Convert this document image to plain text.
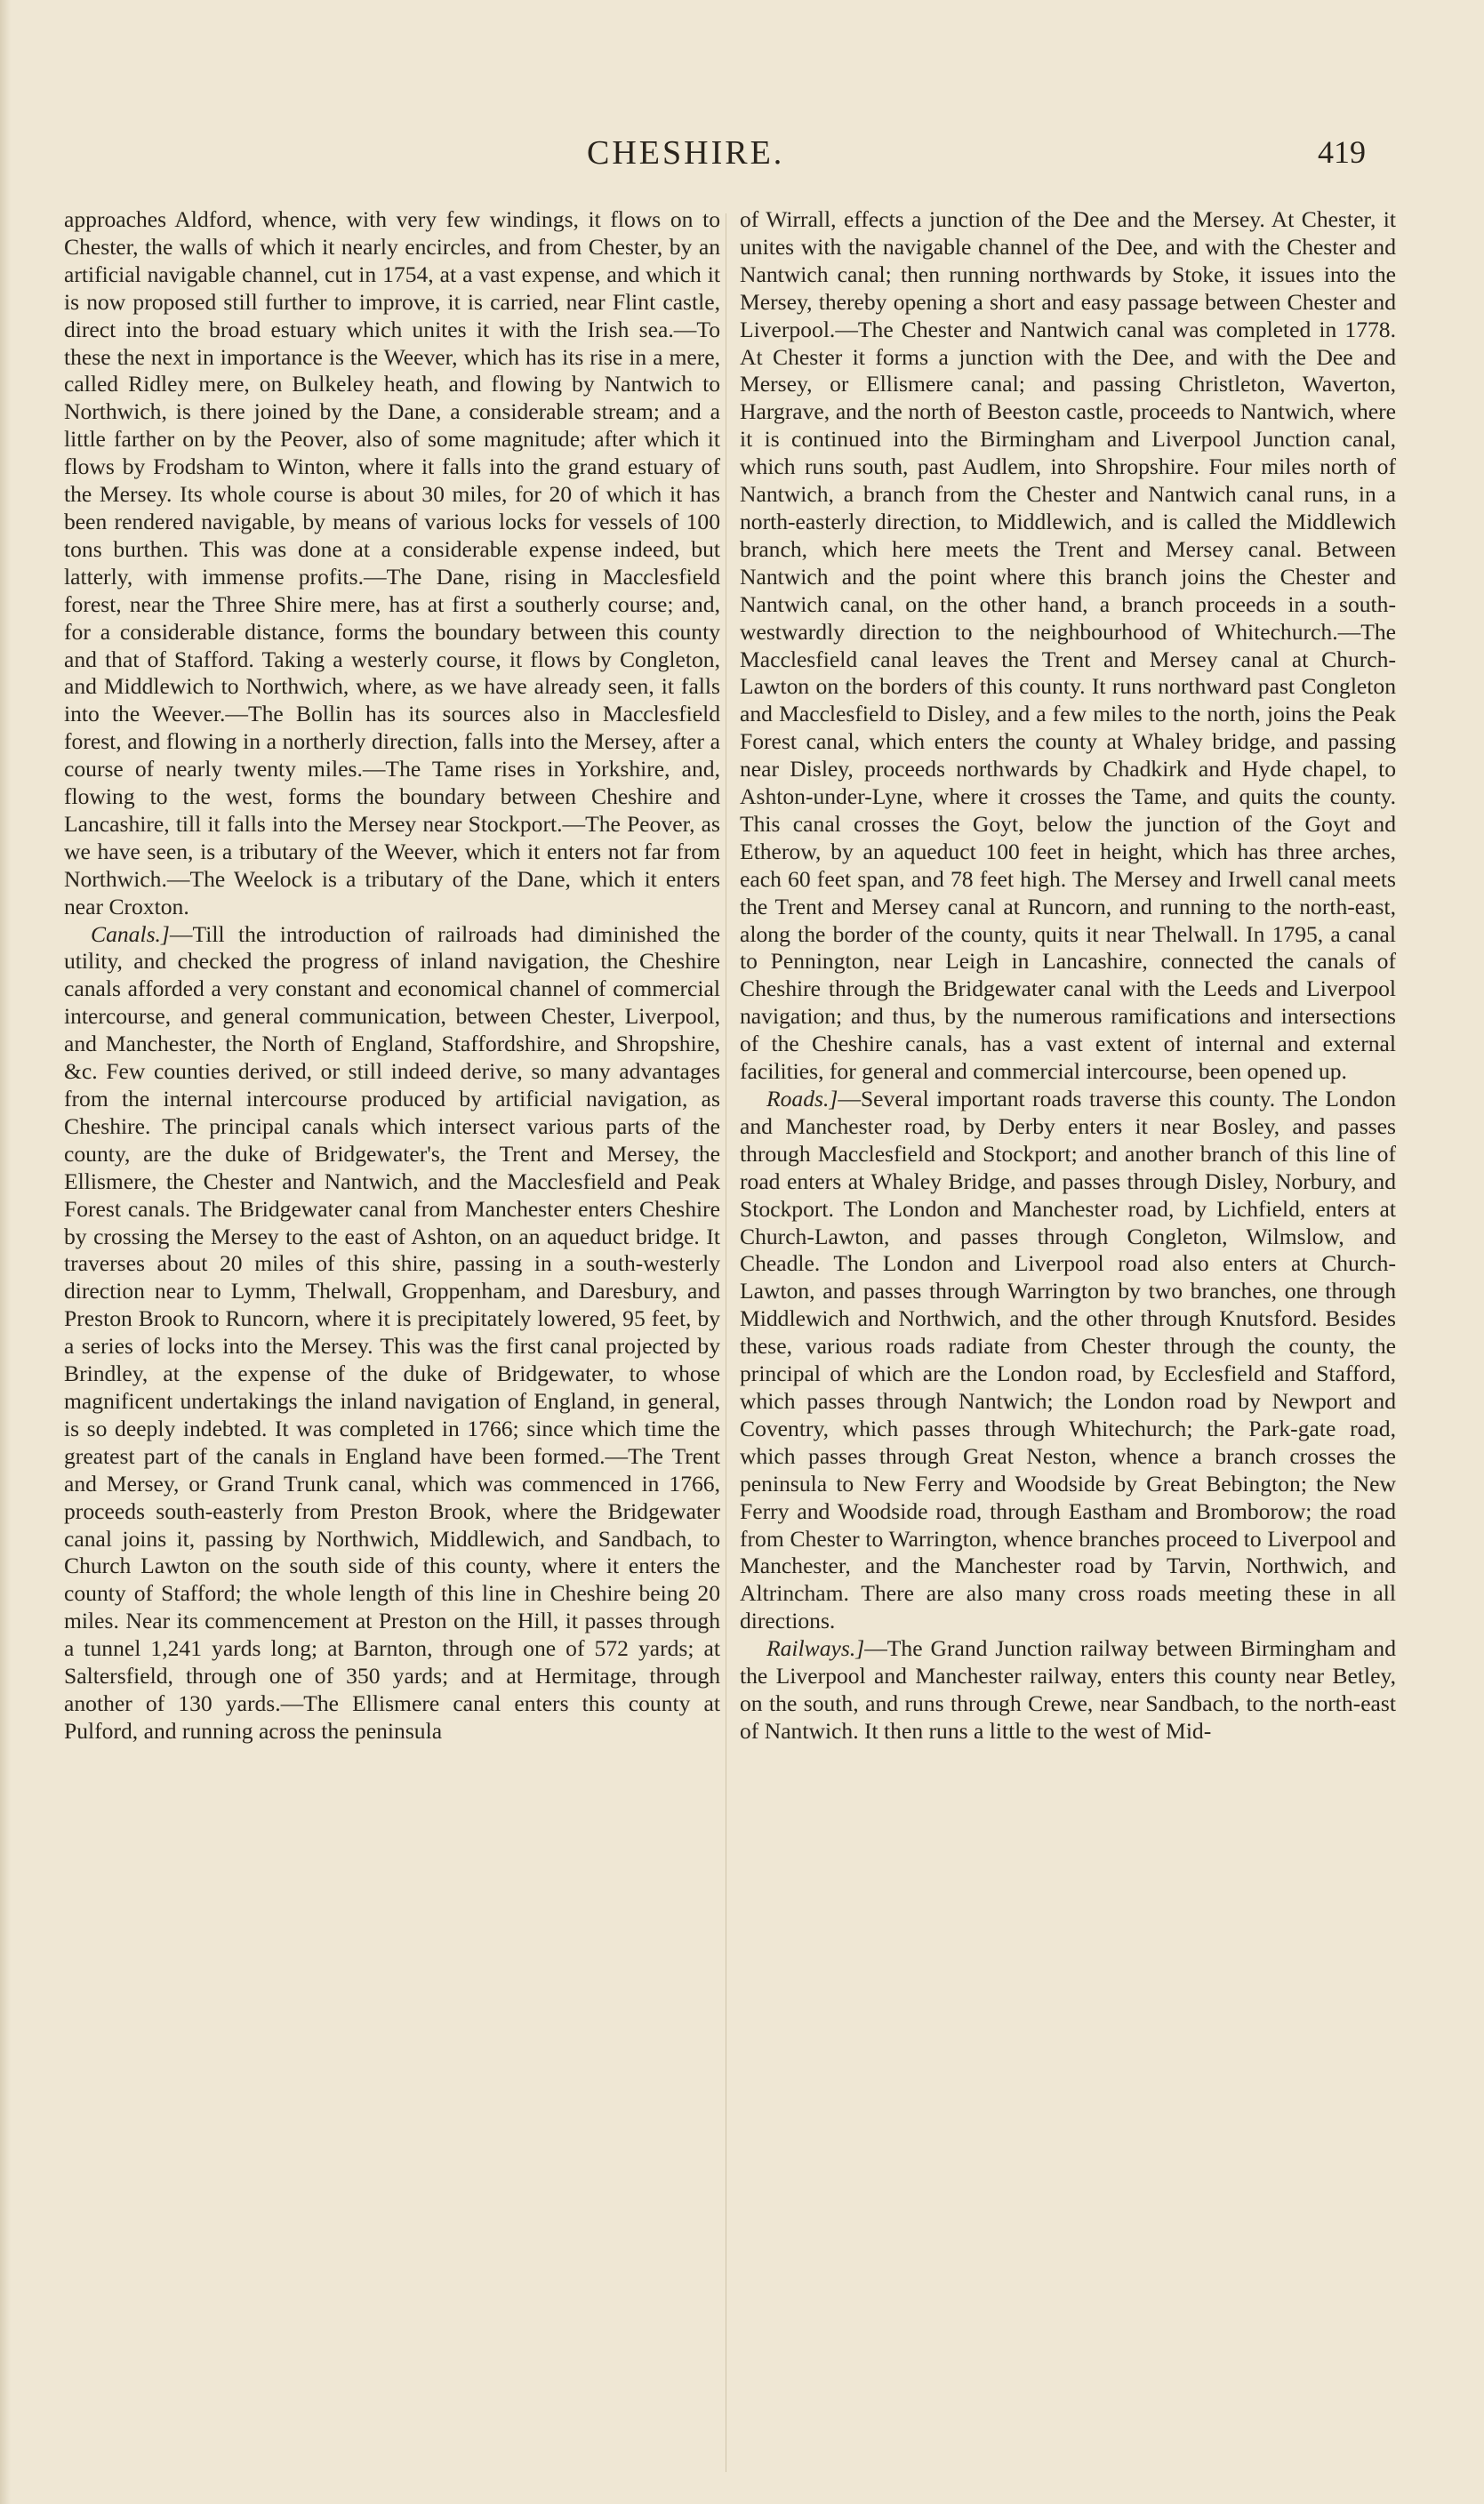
CHESHIRE.	419

approaches Aldford, whence, with very few windings, it flows on to Chester, the walls of which it nearly encircles, and from Chester, by an artificial navigable channel, cut in 1754, at a vast expense, and which it is now proposed still further to improve, it is carried, near Flint castle, direct into the broad estuary which unites it with the Irish sea.—To these the next in importance is the Weever, which has its rise in a mere, called Ridley mere, on Bulkeley heath, and flowing by Nantwich to Northwich, is there joined by the Dane, a considerable stream; and a little farther on by the Peover, also of some magnitude; after which it flows by Frodsham to Winton, where it falls into the grand estuary of the Mersey. Its whole course is about 30 miles, for 20 of which it has been rendered navigable, by means of various locks for vessels of 100 tons burthen. This was done at a considerable expense indeed, but latterly, with immense profits.—The Dane, rising in Macclesfield forest, near the Three Shire mere, has at first a southerly course; and, for a considerable distance, forms the boundary between this county and that of Stafford. Taking a westerly course, it flows by Congleton, and Middlewich to Northwich, where, as we have already seen, it falls into the Weever.—The Bollin has its sources also in Macclesfield forest, and flowing in a northerly direction, falls into the Mersey, after a course of nearly twenty miles.—The Tame rises in Yorkshire, and, flowing to the west, forms the boundary between Cheshire and Lancashire, till it falls into the Mersey near Stockport.—The Peover, as we have seen, is a tributary of the Weever, which it enters not far from Northwich.—The Weelock is a tributary of the Dane, which it enters near Croxton.

Canals.]—Till the introduction of railroads had diminished the utility, and checked the progress of inland navigation, the Cheshire canals afforded a very constant and economical channel of commercial intercourse, and general communication, between Chester, Liverpool, and Manchester, the North of England, Staffordshire, and Shropshire, &c. Few counties derived, or still indeed derive, so many advantages from the internal intercourse produced by artificial navigation, as Cheshire. The principal canals which intersect various parts of the county, are the duke of Bridgewater's, the Trent and Mersey, the Ellismere, the Chester and Nantwich, and the Macclesfield and Peak Forest canals. The Bridgewater canal from Manchester enters Cheshire by crossing the Mersey to the east of Ashton, on an aqueduct bridge. It traverses about 20 miles of this shire, passing in a south-westerly direction near to Lymm, Thelwall, Groppenham, and Daresbury, and Preston Brook to Runcorn, where it is precipitately lowered, 95 feet, by a series of locks into the Mersey. This was the first canal projected by Brindley, at the expense of the duke of Bridgewater, to whose magnificent undertakings the inland navigation of England, in general, is so deeply indebted. It was completed in 1766; since which time the greatest part of the canals in England have been formed.—The Trent and Mersey, or Grand Trunk canal, which was commenced in 1766, proceeds south-easterly from Preston Brook, where the Bridgewater canal joins it, passing by Northwich, Middlewich, and Sandbach, to Church Lawton on the south side of this county, where it enters the county of Stafford; the whole length of this line in Cheshire being 20 miles. Near its commencement at Preston on the Hill, it passes through a tunnel 1,241 yards long; at Barnton, through one of 572 yards; at Saltersfield, through one of 350 yards; and at Hermitage, through another of 130 yards.—The Ellismere canal enters this county at Pulford, and running across the peninsula

of Wirrall, effects a junction of the Dee and the Mersey. At Chester, it unites with the navigable channel of the Dee, and with the Chester and Nantwich canal; then running northwards by Stoke, it issues into the Mersey, thereby opening a short and easy passage between Chester and Liverpool.—The Chester and Nantwich canal was completed in 1778. At Chester it forms a junction with the Dee, and with the Dee and Mersey, or Ellismere canal; and passing Christleton, Waverton, Hargrave, and the north of Beeston castle, proceeds to Nantwich, where it is continued into the Birmingham and Liverpool Junction canal, which runs south, past Audlem, into Shropshire. Four miles north of Nantwich, a branch from the Chester and Nantwich canal runs, in a north-easterly direction, to Middlewich, and is called the Middlewich branch, which here meets the Trent and Mersey canal. Between Nantwich and the point where this branch joins the Chester and Nantwich canal, on the other hand, a branch proceeds in a south-westwardly direction to the neighbourhood of Whitechurch.—The Macclesfield canal leaves the Trent and Mersey canal at Church-Lawton on the borders of this county. It runs northward past Congleton and Macclesfield to Disley, and a few miles to the north, joins the Peak Forest canal, which enters the county at Whaley bridge, and passing near Disley, proceeds northwards by Chadkirk and Hyde chapel, to Ashton-under-Lyne, where it crosses the Tame, and quits the county. This canal crosses the Goyt, below the junction of the Goyt and Etherow, by an aqueduct 100 feet in height, which has three arches, each 60 feet span, and 78 feet high. The Mersey and Irwell canal meets the Trent and Mersey canal at Runcorn, and running to the north-east, along the border of the county, quits it near Thelwall. In 1795, a canal to Pennington, near Leigh in Lancashire, connected the canals of Cheshire through the Bridgewater canal with the Leeds and Liverpool navigation; and thus, by the numerous ramifications and intersections of the Cheshire canals, has a vast extent of internal and external facilities, for general and commercial intercourse, been opened up.

Roads.]—Several important roads traverse this county. The London and Manchester road, by Derby enters it near Bosley, and passes through Macclesfield and Stockport; and another branch of this line of road enters at Whaley Bridge, and passes through Disley, Norbury, and Stockport. The London and Manchester road, by Lichfield, enters at Church-Lawton, and passes through Congleton, Wilmslow, and Cheadle. The London and Liverpool road also enters at Church-Lawton, and passes through Warrington by two branches, one through Middlewich and Northwich, and the other through Knutsford. Besides these, various roads radiate from Chester through the county, the principal of which are the London road, by Ecclesfield and Stafford, which passes through Nantwich; the London road by Newport and Coventry, which passes through Whitechurch; the Park-gate road, which passes through Great Neston, whence a branch crosses the peninsula to New Ferry and Woodside by Great Bebington; the New Ferry and Woodside road, through Eastham and Bromborow; the road from Chester to Warrington, whence branches proceed to Liverpool and Manchester, and the Manchester road by Tarvin, Northwich, and Altrincham. There are also many cross roads meeting these in all directions.

Railways.]—The Grand Junction railway between Birmingham and the Liverpool and Manchester railway, enters this county near Betley, on the south, and runs through Crewe, near Sandbach, to the north-east of Nantwich. It then runs a little to the west of Mid-
